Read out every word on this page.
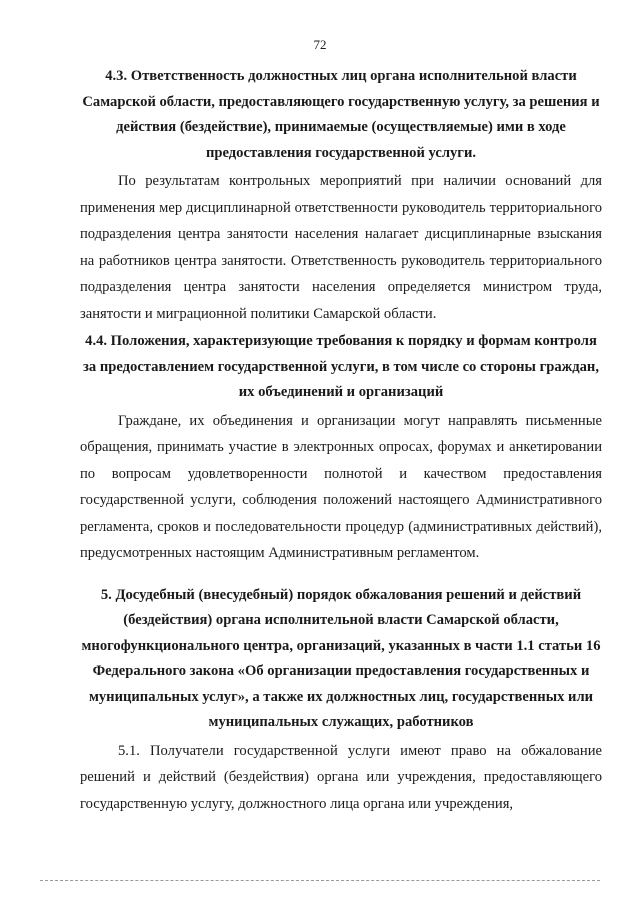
72

4.3. Ответственность должностных лиц органа исполнительной власти Самарской области, предоставляющего государственную услугу, за решения и действия (бездействие), принимаемые (осуществляемые) ими в ходе предоставления государственной услуги.

По результатам контрольных мероприятий при наличии оснований для применения мер дисциплинарной ответственности руководитель территориального подразделения центра занятости населения налагает дисциплинарные взыскания на работников центра занятости. Ответственность руководитель территориального подразделения центра занятости населения определяется министром труда, занятости и миграционной политики Самарской области.

4.4. Положения, характеризующие требования к порядку и формам контроля за предоставлением государственной услуги, в том числе со стороны граждан, их объединений и организаций

Граждане, их объединения и организации могут направлять письменные обращения, принимать участие в электронных опросах, форумах и анкетировании по вопросам удовлетворенности полнотой и качеством предоставления государственной услуги, соблюдения положений настоящего Административного регламента, сроков и последовательности процедур (административных действий), предусмотренных настоящим Административным регламентом.

5. Досудебный (внесудебный) порядок обжалования решений и действий (бездействия) органа исполнительной власти Самарской области, многофункционального центра, организаций, указанных в части 1.1 статьи 16 Федерального закона «Об организации предоставления государственных и муниципальных услуг», а также их должностных лиц, государственных или муниципальных служащих, работников

5.1. Получатели государственной услуги имеют право на обжалование решений и действий (бездействия) органа или учреждения, предоставляющего государственную услугу, должностного лица органа или учреждения,
